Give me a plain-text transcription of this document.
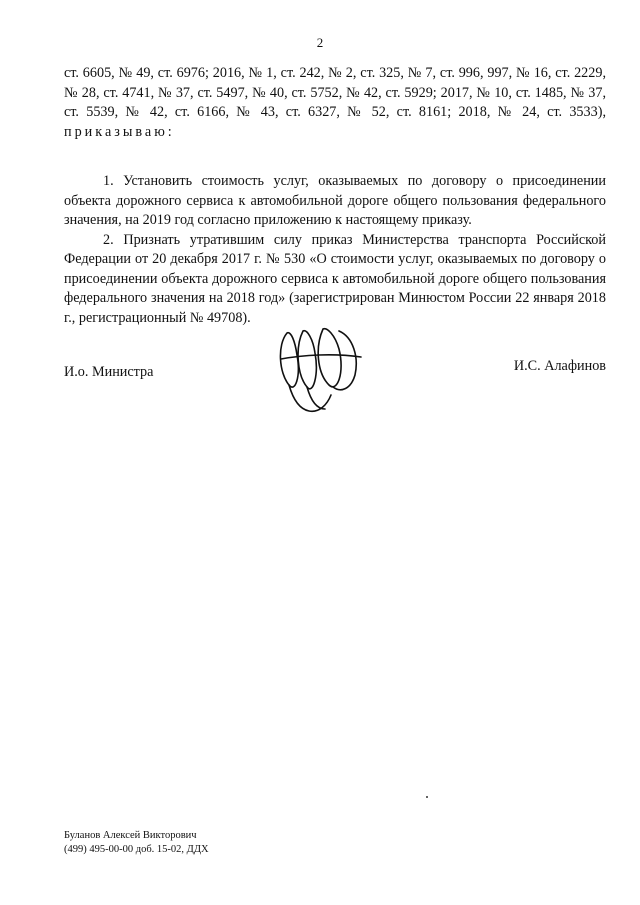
2
ст. 6605, № 49, ст. 6976; 2016, № 1, ст. 242, № 2, ст. 325, № 7, ст. 996, 997, № 16, ст. 2229, № 28, ст. 4741, № 37, ст. 5497, № 40, ст. 5752, № 42, ст. 5929; 2017, № 10, ст. 1485, № 37, ст. 5539, № 42, ст. 6166, № 43, ст. 6327, № 52, ст. 8161; 2018, № 24, ст. 3533), приказываю:

1. Установить стоимость услуг, оказываемых по договору о присоединении объекта дорожного сервиса к автомобильной дороге общего пользования федерального значения, на 2019 год согласно приложению к настоящему приказу.

2. Признать утратившим силу приказ Министерства транспорта Российской Федерации от 20 декабря 2017 г. № 530 «О стоимости услуг, оказываемых по договору о присоединении объекта дорожного сервиса к автомобильной дороге общего пользования федерального значения на 2018 год» (зарегистрирован Минюстом России 22 января 2018 г., регистрационный № 49708).

И.о. Министра	И.С. Алафинов
Буланов Алексей Викторович
(499) 495-00-00 доб. 15-02, ДДХ
